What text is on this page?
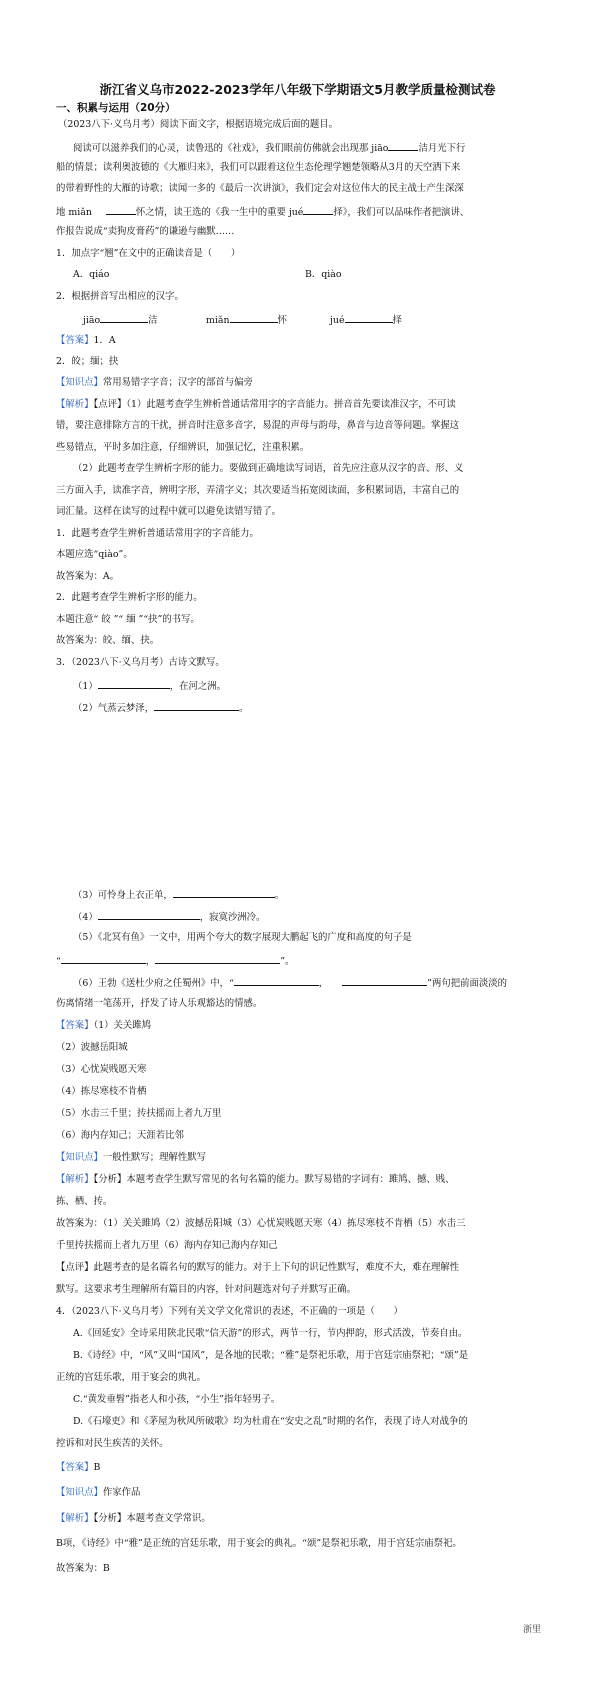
浙江省义乌市2022-2023学年八年级下学期语文5月教学质量检测试卷
一、积累与运用（20分）
（2023八下·义乌月考）阅读下面文字，根据语境完成后面的题目。
阅读可以滋养我们的心灵，读鲁迅的《社戏》，我们眼前仿佛就会出现那 jiāo	洁月光下行
船的情景；读利奥波德的《大雁归来》，我们可以跟着这位生态伦理学翘楚领略从3月的天空洒下来
的带着野性的大雁的诗歌；读闻一多的《最后一次讲演》，我们定会对这位伟大的民主战士产生深深
地 miǎn	怀之情，读王选的《我一生中的重要 jué	择》，我们可以品味作者把演讲、
作报告说成“卖狗皮膏药”的谦逊与幽默……
1．加点字“翘”在文中的正确读音是（　　）
A．qiáo	B．qiào
2．根据拼音写出相应的汉字。
jiāo	洁	miǎn	怀	jué	择
【答案】1．A
2．皎；缅；抉
【知识点】常用易错字字音；汉字的部首与偏旁
【解析】【点评】（1）此题考查学生辨析普通话常用字的字音能力。拼音首先要读准汉字，不可读
错，要注意排除方言的干扰，拼音时注意多音字，易混的声母与韵母，鼻音与边音等问题。掌握这
些易错点，平时多加注意，仔细辨识，加强记忆，注重积累。
（2）此题考查学生辨析字形的能力。要做到正确地读写词语，首先应注意从汉字的音、形、义
三方面入手，读准字音，辨明字形，弄清字义；其次要适当拓宽阅读面，多积累词语，丰富自己的
词汇量。这样在读写的过程中就可以避免读错写错了。
1．此题考查学生辨析普通话常用字的字音能力。
本题应选“qiào”。
故答案为：A。
2．此题考查学生辨析字形的能力。
本题注意“ 皎 ”“ 缅 ”“抉”的书写。
故答案为：皎、缅、抉。
3．（2023八下·义乌月考）古诗文默写。
（1）	，在河之洲。
（2）气蒸云梦泽，	。
（3）可怜身上衣正单，	。
（4）	，寂寞沙洲冷。
（5）《北冥有鱼》一文中，用两个夸大的数字展现大鹏起飞的广度和高度的句子是
“	，	”。
（6）王勃《送杜少府之任蜀州》中，“	，	”两句把前面淡淡的
伤离情绪一笔荡开，抒发了诗人乐观豁达的情感。
【答案】（1）关关雎鸠
（2）波撼岳阳城
（3）心忧炭贱愿天寒
（4）拣尽寒枝不肯栖
（5）水击三千里；抟扶摇而上者九万里
（6）海内存知己；天涯若比邻
【知识点】一般性默写；理解性默写
【解析】【分析】本题考查学生默写常见的名句名篇的能力。默写易错的字词有：雎鸠、撼、贱、
拣、栖、抟。
故答案为：（1）关关雎鸠（2）波撼岳阳城（3）心忧炭贱愿天寒（4）拣尽寒枝不肯栖（5）水击三
千里抟扶摇而上者九万里（6）海内存知己海内存知己
【点评】此题考查的是名篇名句的默写的能力。对于上下句的识记性默写，难度不大，难在理解性
默写。这要求考生理解所有篇目的内容，针对问题选对句子并默写正确。
4．（2023八下·义乌月考）下列有关文学文化常识的表述，不正确的一项是（　　）
A.《回延安》全诗采用陕北民歌“信天游”的形式，两节一行，节内押韵，形式活泼，节奏自由。
B.《诗经》中，“风”又叫“国风”，是各地的民歌；“雅”是祭祀乐歌，用于宫廷宗庙祭祀；“颂”是
正统的宫廷乐歌，用于宴会的典礼。
C.“黄发垂髫”指老人和小孩，“小生”指年轻男子。
D.《石壕吏》和《茅屋为秋风所破歌》均为杜甫在“安史之乱”时期的名作，表现了诗人对战争的
控诉和对民生疾苦的关怀。
【答案】B
【知识点】作家作品
【解析】【分析】本题考查文学常识。
B项，《诗经》中“雅”是正统的宫廷乐歌，用于宴会的典礼。“颂”是祭祀乐歌，用于宫廷宗庙祭祀。
故答案为：B
浙里
